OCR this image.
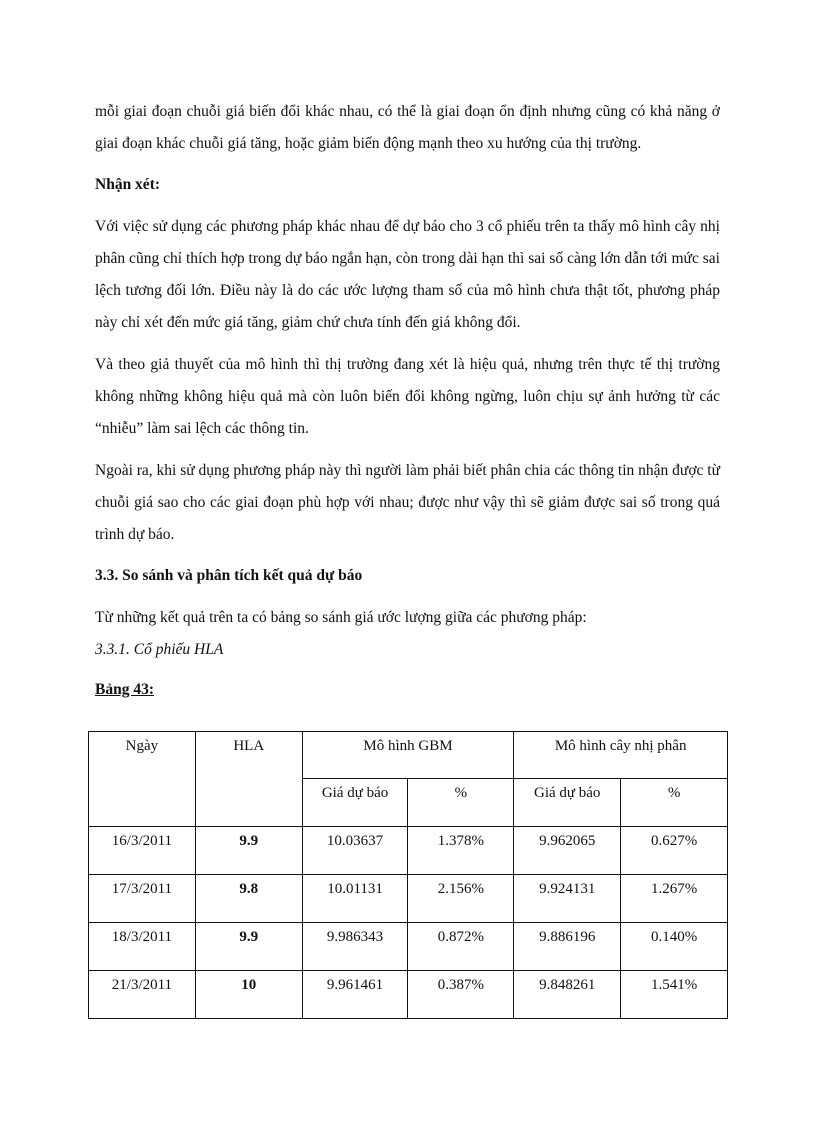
mỗi giai đoạn chuỗi giá biến đổi khác nhau, có thể là giai đoạn ổn định nhưng cũng có khả năng ở giai đoạn khác chuỗi giá tăng, hoặc giảm biến động mạnh theo xu hướng của thị trường.

Nhận xét:

Với việc sử dụng các phương pháp khác nhau để dự báo cho 3 cổ phiếu trên ta thấy mô hình cây nhị phân cũng chỉ thích hợp trong dự báo ngắn hạn, còn trong dài hạn thì sai số càng lớn dẫn tới mức sai lệch tương đối lớn. Điều này là do các ước lượng tham số của mô hình chưa thật tốt, phương pháp này chỉ xét đến mức giá tăng, giảm chứ chưa tính đến giá không đổi.

Và theo giả thuyết của mô hình thì thị trường đang xét là hiệu quả, nhưng trên thực tế thị trường không những không hiệu quả mà còn luôn biến đổi không ngừng, luôn chịu sự ảnh hưởng từ các “nhiễu” làm sai lệch các thông tin.

Ngoài ra, khi sử dụng phương pháp này thì người làm phải biết phân chia các thông tin nhận được từ chuỗi giá sao cho các giai đoạn phù hợp với nhau; được như vậy thì sẽ giảm được sai số trong quá trình dự báo.

3.3. So sánh và phân tích kết quả dự báo

Từ những kết quả trên ta có bảng so sánh giá ước lượng giữa các phương pháp:

3.3.1. Cổ phiếu HLA

Bảng 43:

Ngày	HLA	Mô hình GBM		Mô hình cây nhị phân	
		Giá dự báo	%	Giá dự báo	%
16/3/2011	9.9	10.03637	1.378%	9.962065	0.627%
17/3/2011	9.8	10.01131	2.156%	9.924131	1.267%
18/3/2011	9.9	9.986343	0.872%	9.886196	0.140%
21/3/2011	10	9.961461	0.387%	9.848261	1.541%
